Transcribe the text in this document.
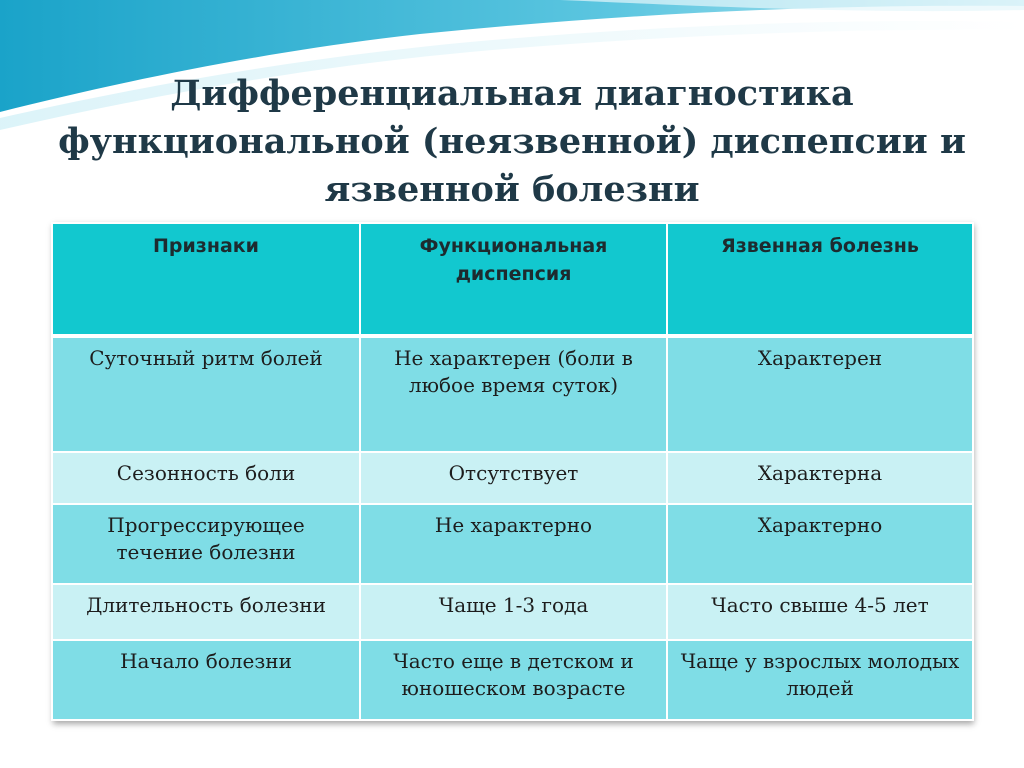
Дифференциальная диагностика
функциональной (неязвенной) диспепсии и
язвенной болезни
Признаки	Функциональная диспепсия	Язвенная болезнь
Суточный ритм болей	Не характерен (боли в любое время суток)	Характерен
Сезонность боли	Отсутствует	Характерна
Прогрессирующее течение болезни	Не характерно	Характерно
Длительность болезни	Чаще 1-3 года	Часто свыше 4-5 лет
Начало болезни	Часто еще в детском и юношеском возрасте	Чаще у взрослых молодых людей
